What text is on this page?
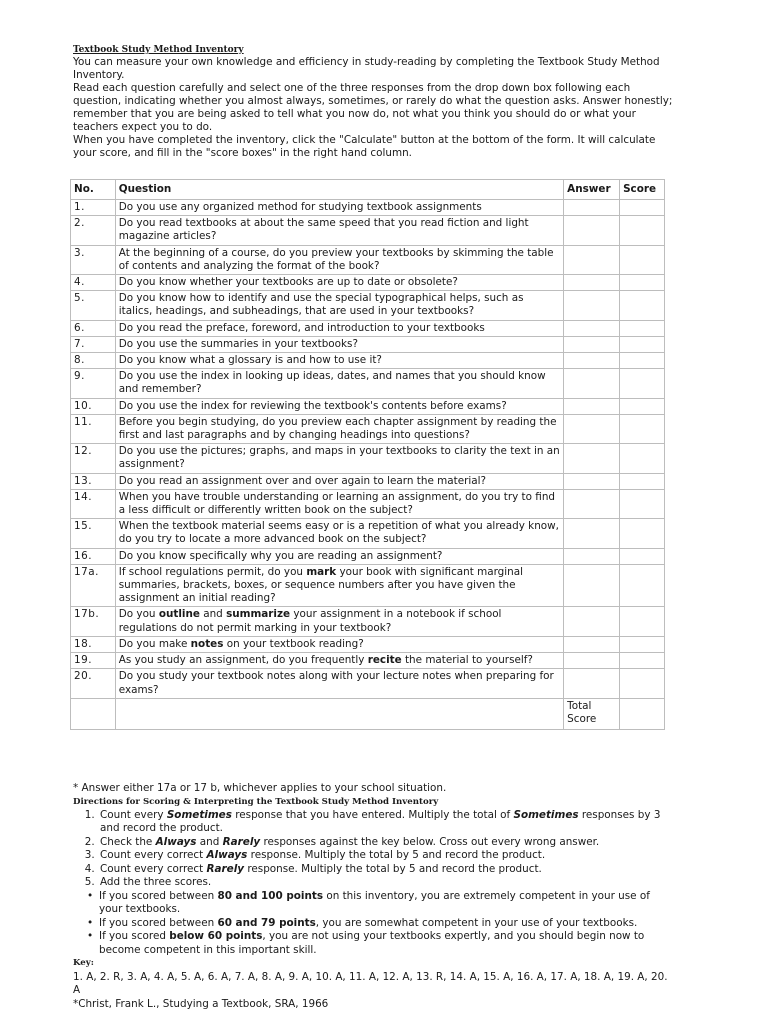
Textbook Study Method Inventory

You can measure your own knowledge and efficiency in study-reading by completing the Textbook Study Method Inventory.

Read each question carefully and select one of the three responses from the drop down box following each question, indicating whether you almost always, sometimes, or rarely do what the question asks. Answer honestly; remember that you are being asked to tell what you now do, not what you think you should do or what your teachers expect you to do.

When you have completed the inventory, click the "Calculate" button at the bottom of the form. It will calculate your score, and fill in the "score boxes" in the right hand column.

No.	Question	Answer	Score
1.	Do you use any organized method for studying textbook assignments		
2.	Do you read textbooks at about the same speed that you read fiction and light magazine articles?		
3.	At the beginning of a course, do you preview your textbooks by skimming the table of contents and analyzing the format of the book?		
4.	Do you know whether your textbooks are up to date or obsolete?		
5.	Do you know how to identify and use the special typographical helps, such as italics, headings, and subheadings, that are used in your textbooks?		
6.	Do you read the preface, foreword, and introduction to your textbooks		
7.	Do you use the summaries in your textbooks?		
8.	Do you know what a glossary is and how to use it?		
9.	Do you use the index in looking up ideas, dates, and names that you should know and remember?		
10.	Do you use the index for reviewing the textbook's contents before exams?		
11.	Before you begin studying, do you preview each chapter assignment by reading the first and last paragraphs and by changing headings into questions?		
12.	Do you use the pictures; graphs, and maps in your textbooks to clarity the text in an assignment?		
13.	Do you read an assignment over and over again to learn the material?		
14.	When you have trouble understanding or learning an assignment, do you try to find a less difficult or differently written book on the subject?		
15.	When the textbook material seems easy or is a repetition of what you already know, do you try to locate a more advanced book on the subject?		
16.	Do you know specifically why you are reading an assignment?		
17a.	If school regulations permit, do you mark your book with significant marginal summaries, brackets, boxes, or sequence numbers after you have given the assignment an initial reading?		
17b.	Do you outline and summarize your assignment in a notebook if school regulations do not permit marking in your textbook?		
18.	Do you make notes on your textbook reading?		
19.	As you study an assignment, do you frequently recite the material to yourself?		
20.	Do you study your textbook notes along with your lecture notes when preparing for exams?		

		Total
Score	

* Answer either 17a or 17 b, whichever applies to your school situation.

Directions for Scoring & Interpreting the Textbook Study Method Inventory
1. Count every Sometimes response that you have entered. Multiply the total of Sometimes responses by 3 and record the product.
2. Check the Always and Rarely responses against the key below. Cross out every wrong answer.
3. Count every correct Always response. Multiply the total by 5 and record the product.
4. Count every correct Rarely response. Multiply the total by 5 and record the product.
5. Add the three scores.
• If you scored between 80 and 100 points on this inventory, you are extremely competent in your use of your textbooks.
• If you scored between 60 and 79 points, you are somewhat competent in your use of your textbooks.
• If you scored below 60 points, you are not using your textbooks expertly, and you should begin now to become competent in this important skill.
Key:

1. A, 2. R, 3. A, 4. A, 5. A, 6. A, 7. A, 8. A, 9. A, 10. A, 11. A, 12. A, 13. R, 14. A, 15. A, 16. A, 17. A, 18. A, 19. A, 20. A

*Christ, Frank L., Studying a Textbook, SRA, 1966
